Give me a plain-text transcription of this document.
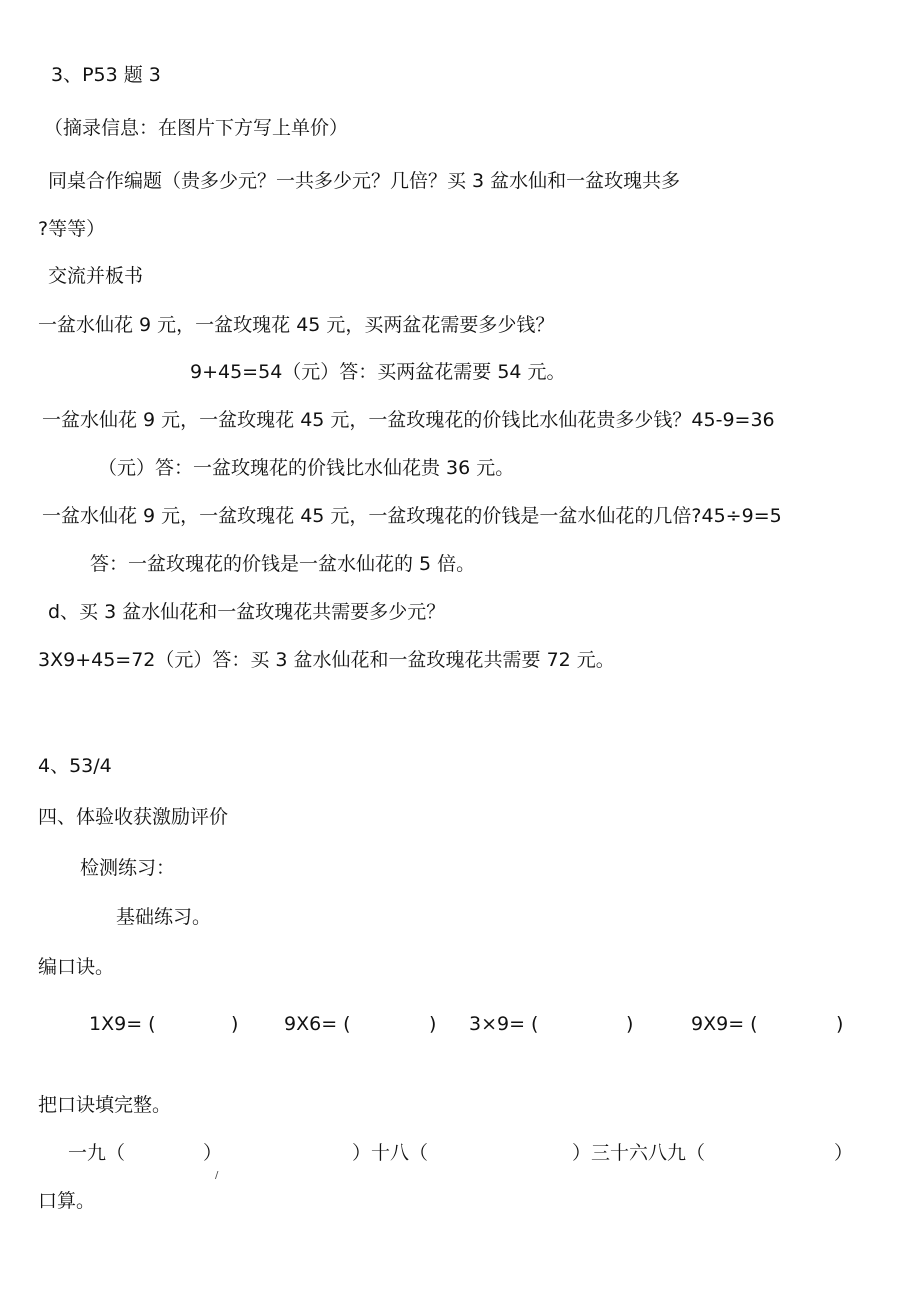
3、P53 题 3
（摘录信息：在图片下方写上单价）
同桌合作编题（贵多少元？一共多少元？几倍？买 3 盆水仙和一盆玫瑰共多
?等等）
交流并板书
一盆水仙花 9 元，一盆玫瑰花 45 元，买两盆花需要多少钱？
9+45=54（元）答：买两盆花需要 54 元。
一盆水仙花 9 元，一盆玫瑰花 45 元，一盆玫瑰花的价钱比水仙花贵多少钱？45-9=36
（元）答：一盆玫瑰花的价钱比水仙花贵 36 元。
一盆水仙花 9 元，一盆玫瑰花 45 元，一盆玫瑰花的价钱是一盆水仙花的几倍?45÷9=5
答：一盆玫瑰花的价钱是一盆水仙花的 5 倍。
d、买 3 盆水仙花和一盆玫瑰花共需要多少元？
3X9+45=72（元）答：买 3 盆水仙花和一盆玫瑰花共需要 72 元。
4、53/4
四、体验收获激励评价
检测练习：
基础练习。
编口诀。
1X9= (	) 9X6= (	) 3×9= (	)	9X9= (	)
把口诀填完整。
一九（	）	）十八（	）三十六八九（	）
/
口算。
